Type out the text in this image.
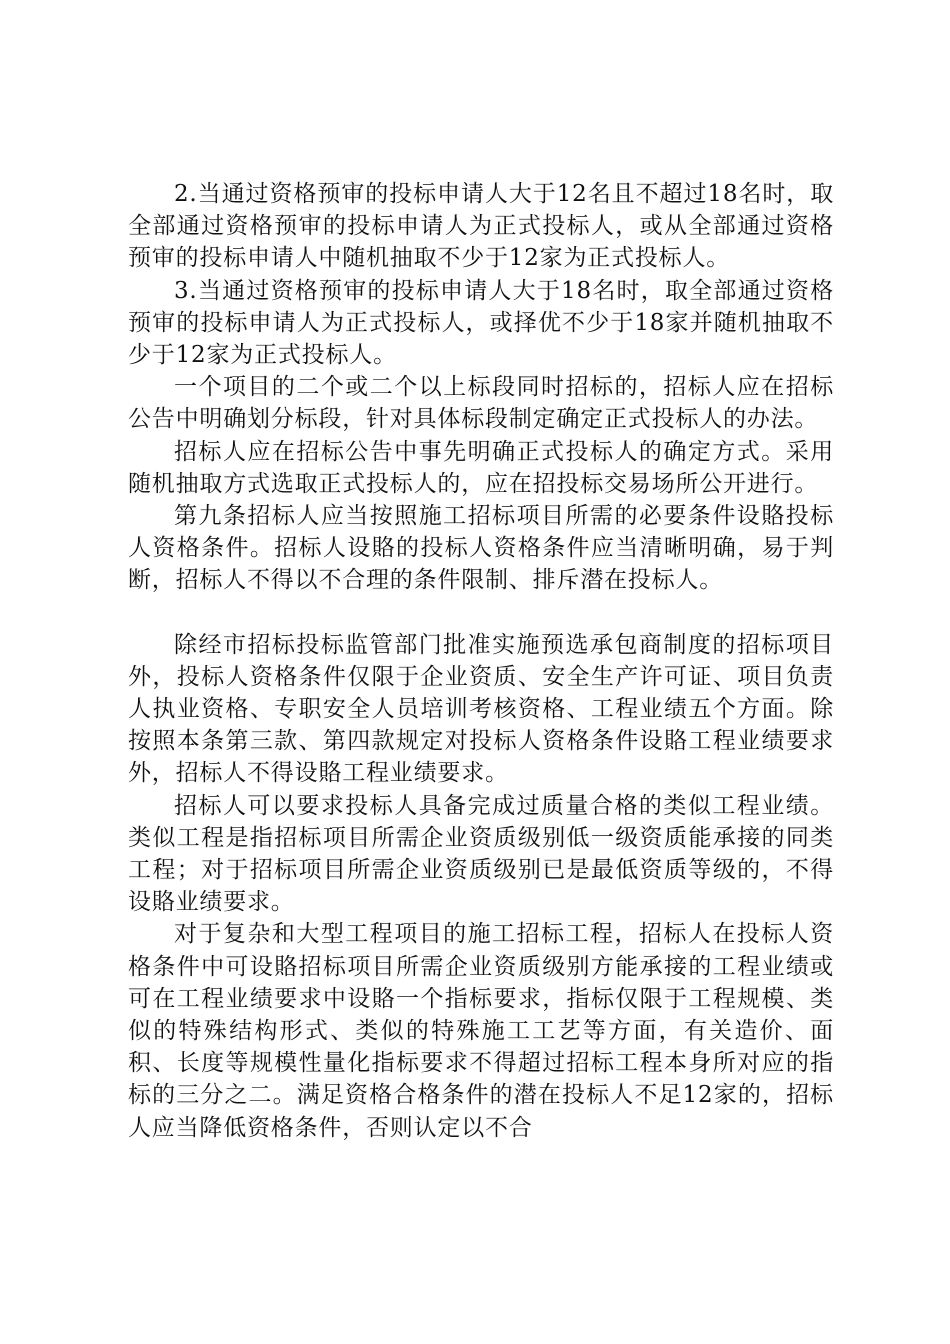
2.当通过资格预审的投标申请人大于12名且不超过18名时，取全部通过资格预审的投标申请人为正式投标人，或从全部通过资格预审的投标申请人中随机抽取不少于12家为正式投标人。

3.当通过资格预审的投标申请人大于18名时，取全部通过资格预审的投标申请人为正式投标人，或择优不少于18家并随机抽取不少于12家为正式投标人。

一个项目的二个或二个以上标段同时招标的，招标人应在招标公告中明确划分标段，针对具体标段制定确定正式投标人的办法。

招标人应在招标公告中事先明确正式投标人的确定方式。采用随机抽取方式选取正式投标人的，应在招投标交易场所公开进行。

第九条招标人应当按照施工招标项目所需的必要条件设賂投标人资格条件。招标人设賂的投标人资格条件应当清晰明确，易于判断，招标人不得以不合理的条件限制、排斥潜在投标人。

除经市招标投标监管部门批准实施预选承包商制度的招标项目外，投标人资格条件仅限于企业资质、安全生产许可证、项目负责人执业资格、专职安全人员培训考核资格、工程业绩五个方面。除按照本条第三款、第四款规定对投标人资格条件设賂工程业绩要求外，招标人不得设賂工程业绩要求。

招标人可以要求投标人具备完成过质量合格的类似工程业绩。类似工程是指招标项目所需企业资质级别低一级资质能承接的同类工程；对于招标项目所需企业资质级别已是最低资质等级的，不得设賂业绩要求。

对于复杂和大型工程项目的施工招标工程，招标人在投标人资格条件中可设賂招标项目所需企业资质级别方能承接的工程业绩或可在工程业绩要求中设賂一个指标要求，指标仅限于工程规模、类似的特殊结构形式、类似的特殊施工工艺等方面，有关造价、面积、长度等规模性量化指标要求不得超过招标工程本身所对应的指标的三分之二。满足资格合格条件的潜在投标人不足12家的，招标人应当降低资格条件，否则认定以不合
